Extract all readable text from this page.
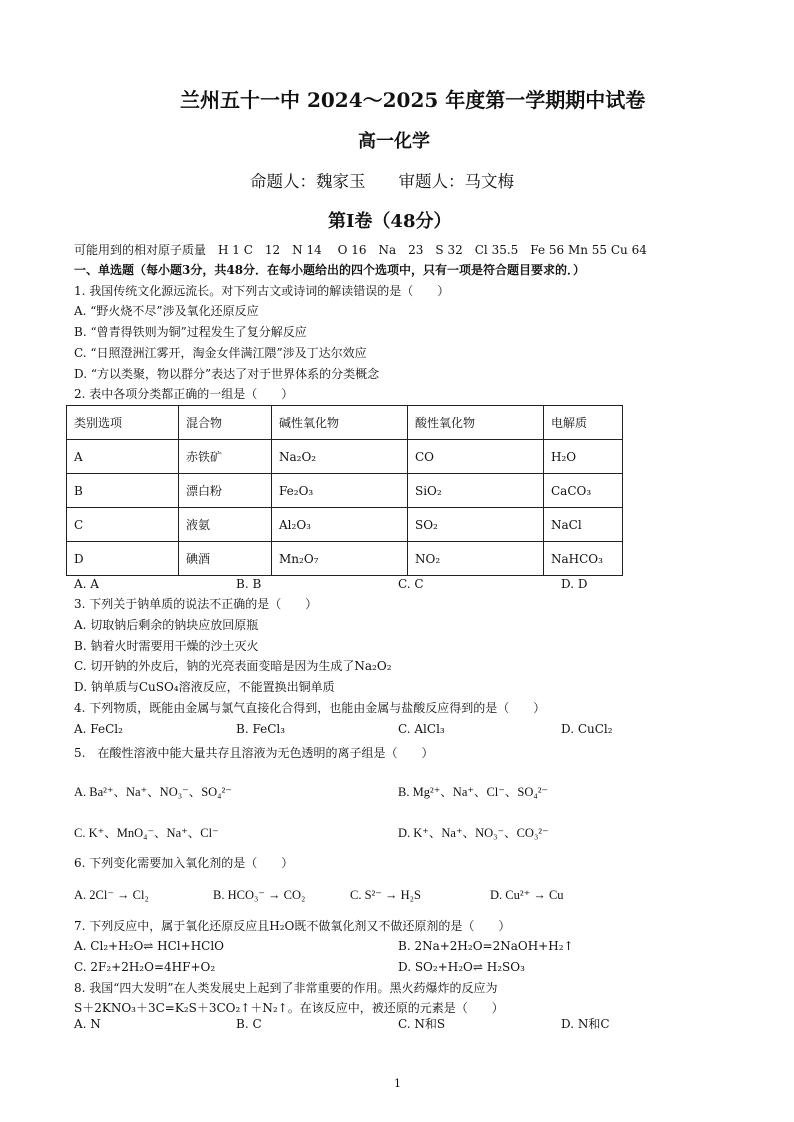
兰州五十一中 2024～2025 年度第一学期期中试卷
高一化学
命题人：魏家玉　　审题人：马文梅
第Ⅰ卷（48分）
可能用到的相对原子质量　H 1 C　12　N 14　 O 16　Na　23　S 32　Cl 35.5　Fe 56 Mn 55 Cu 64
一、单选题（每小题3分，共48分．在每小题给出的四个选项中，只有一项是符合题目要求的．）
1. 我国传统文化源远流长。对下列古文或诗词的解读错误的是（　　）
A. “野火烧不尽”涉及氧化还原反应
B. “曾青得铁则为铜”过程发生了复分解反应
C. “日照澄洲江雾开，淘金女伴满江隈”涉及丁达尔效应
D. “方以类聚，物以群分”表达了对于世界体系的分类概念
2. 表中各项分类都正确的一组是（　　）
类别选项	混合物	碱性氧化物	酸性氧化物	电解质
A	赤铁矿	Na₂O₂	CO	H₂O
B	漂白粉	Fe₂O₃	SiO₂	CaCO₃
C	液氨	Al₂O₃	SO₂	NaCl
D	碘酒	Mn₂O₇	NO₂	NaHCO₃
A. A	B. B	C. C	D. D
3. 下列关于钠单质的说法不正确的是（　　）
A. 切取钠后剩余的钠块应放回原瓶
B. 钠着火时需要用干燥的沙土灭火
C. 切开钠的外皮后，钠的光亮表面变暗是因为生成了Na₂O₂
D. 钠单质与CuSO₄溶液反应，不能置换出铜单质
4. 下列物质，既能由金属与氯气直接化合得到，也能由金属与盐酸反应得到的是（　　）
A. FeCl₂	B. FeCl₃	C. AlCl₃	D. CuCl₂
5.　在酸性溶液中能大量共存且溶液为无色透明的离子组是（　　）
A. Ba²⁺、Na⁺、NO₃⁻、SO₄²⁻	B. Mg²⁺、Na⁺、Cl⁻、SO₄²⁻
C. K⁺、MnO₄⁻、Na⁺、Cl⁻	D. K⁺、Na⁺、NO₃⁻、CO₃²⁻
6. 下列变化需要加入氧化剂的是（　　）
A. 2Cl⁻ → Cl₂	B. HCO₃⁻ → CO₂	C. S²⁻ → H₂S	D. Cu²⁺ → Cu
7. 下列反应中，属于氧化还原反应且H₂O既不做氧化剂又不做还原剂的是（　　）
A. Cl₂+H₂O⇌ HCl+HClO	B. 2Na+2H₂O=2NaOH+H₂↑
C. 2F₂+2H₂O=4HF+O₂	D. SO₂+H₂O⇌ H₂SO₃
8. 我国“四大发明”在人类发展史上起到了非常重要的作用。黑火药爆炸的反应为
S＋2KNO₃＋3C=K₂S＋3CO₂↑＋N₂↑。在该反应中，被还原的元素是（　　）
A. N	B. C	C. N和S	D. N和C
1
